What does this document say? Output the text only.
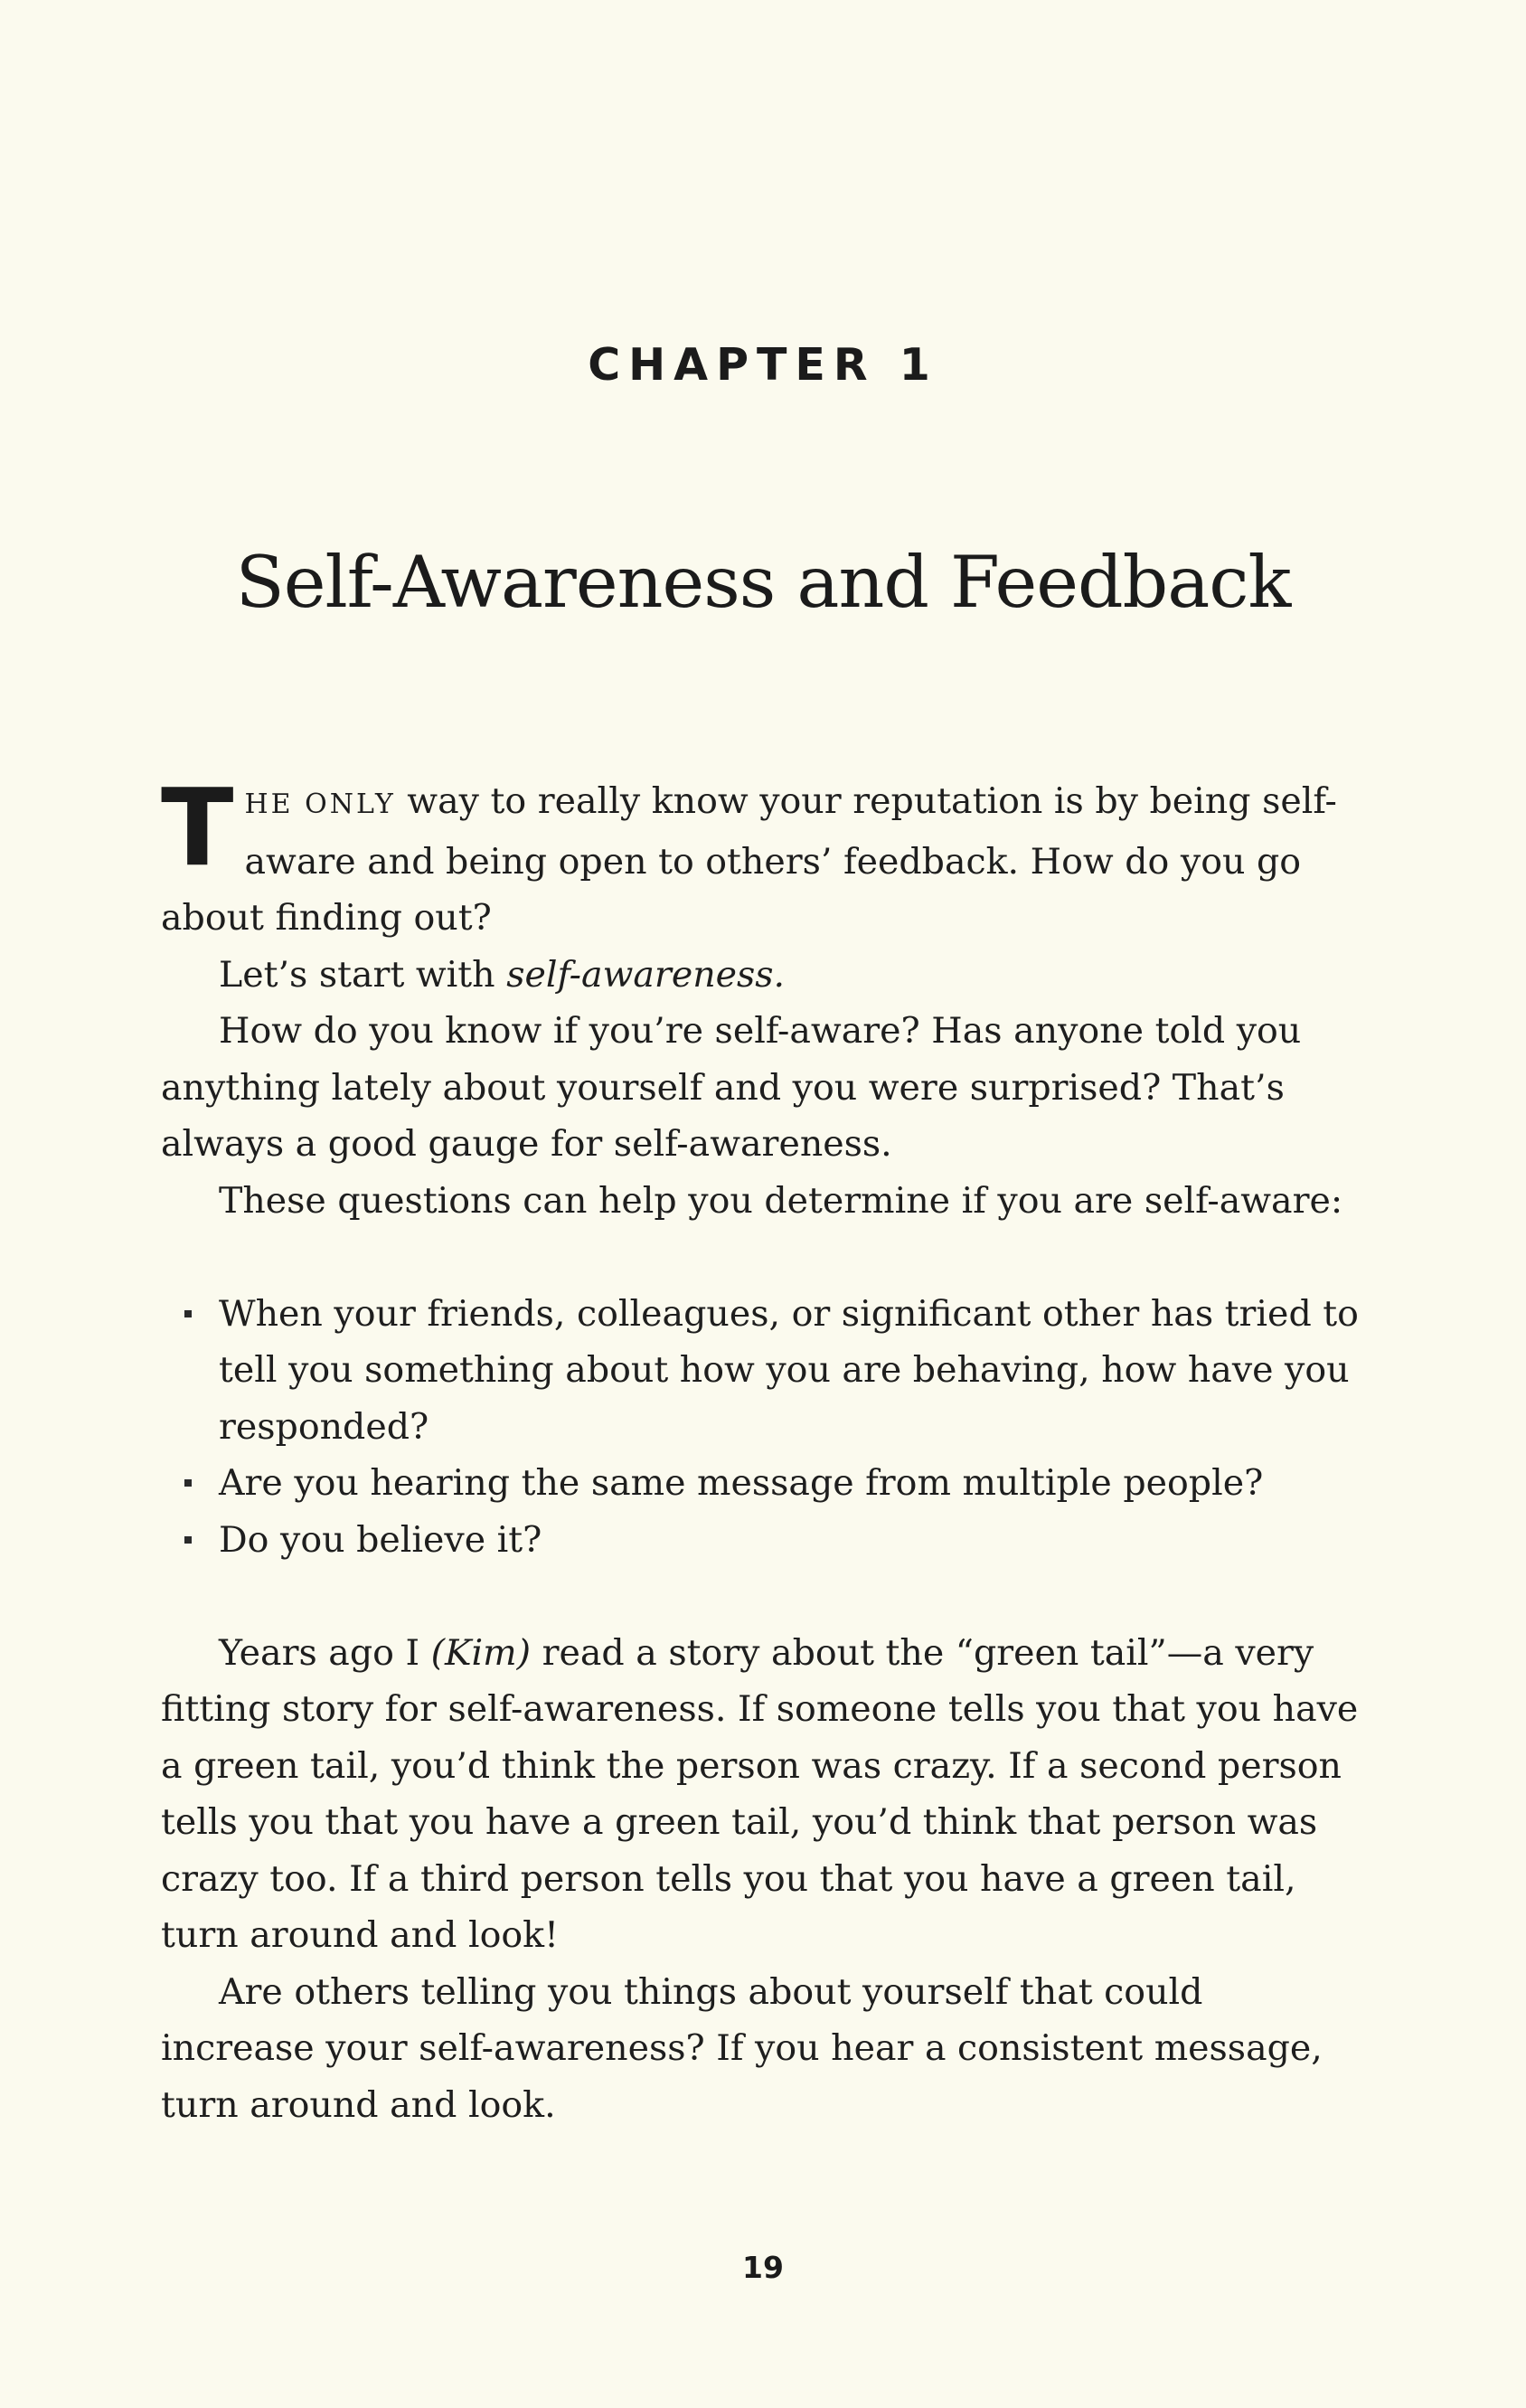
CHAPTER 1
Self-Awareness and Feedback

THE ONLY way to really know your reputation is by being self-aware and being open to others’ feedback. How do you go about finding out?

Let’s start with self-awareness.

How do you know if you’re self-aware? Has anyone told you anything lately about yourself and you were surprised? That’s always a good gauge for self-awareness.

These questions can help you determine if you are self-aware:

When your friends, colleagues, or significant other has tried to tell you something about how you are behaving, how have you responded?
Are you hearing the same message from multiple people?
Do you believe it?

Years ago I (Kim) read a story about the “green tail”—a very fitting story for self-awareness. If someone tells you that you have a green tail, you’d think the person was crazy. If a second person tells you that you have a green tail, you’d think that person was crazy too. If a third person tells you that you have a green tail, turn around and look!

Are others telling you things about yourself that could increase your self-awareness? If you hear a consistent message, turn around and look.

19
